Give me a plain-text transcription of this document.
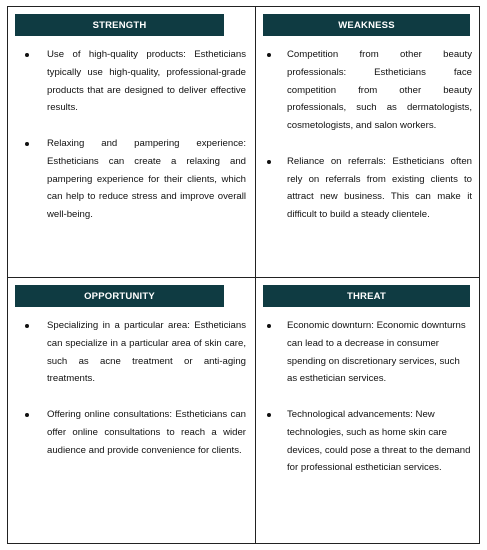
STRENGTH
Use of high-quality products: Estheticians typically use high-quality, professional-grade products that are designed to deliver effective results.
Relaxing and pampering experience: Estheticians can create a relaxing and pampering experience for their clients, which can help to reduce stress and improve overall well-being.
WEAKNESS
Competition from other beauty professionals: Estheticians face competition from other beauty professionals, such as dermatologists, cosmetologists, and salon workers.
Reliance on referrals: Estheticians often rely on referrals from existing clients to attract new business. This can make it difficult to build a steady clientele.
OPPORTUNITY
Specializing in a particular area: Estheticians can specialize in a particular area of skin care, such as acne treatment or anti-aging treatments.
Offering online consultations: Estheticians can offer online consultations to reach a wider audience and provide convenience for clients.
THREAT
Economic downturn: Economic downturns can lead to a decrease in consumer spending on discretionary services, such as esthetician services.
Technological advancements: New technologies, such as home skin care devices, could pose a threat to the demand for professional esthetician services.
